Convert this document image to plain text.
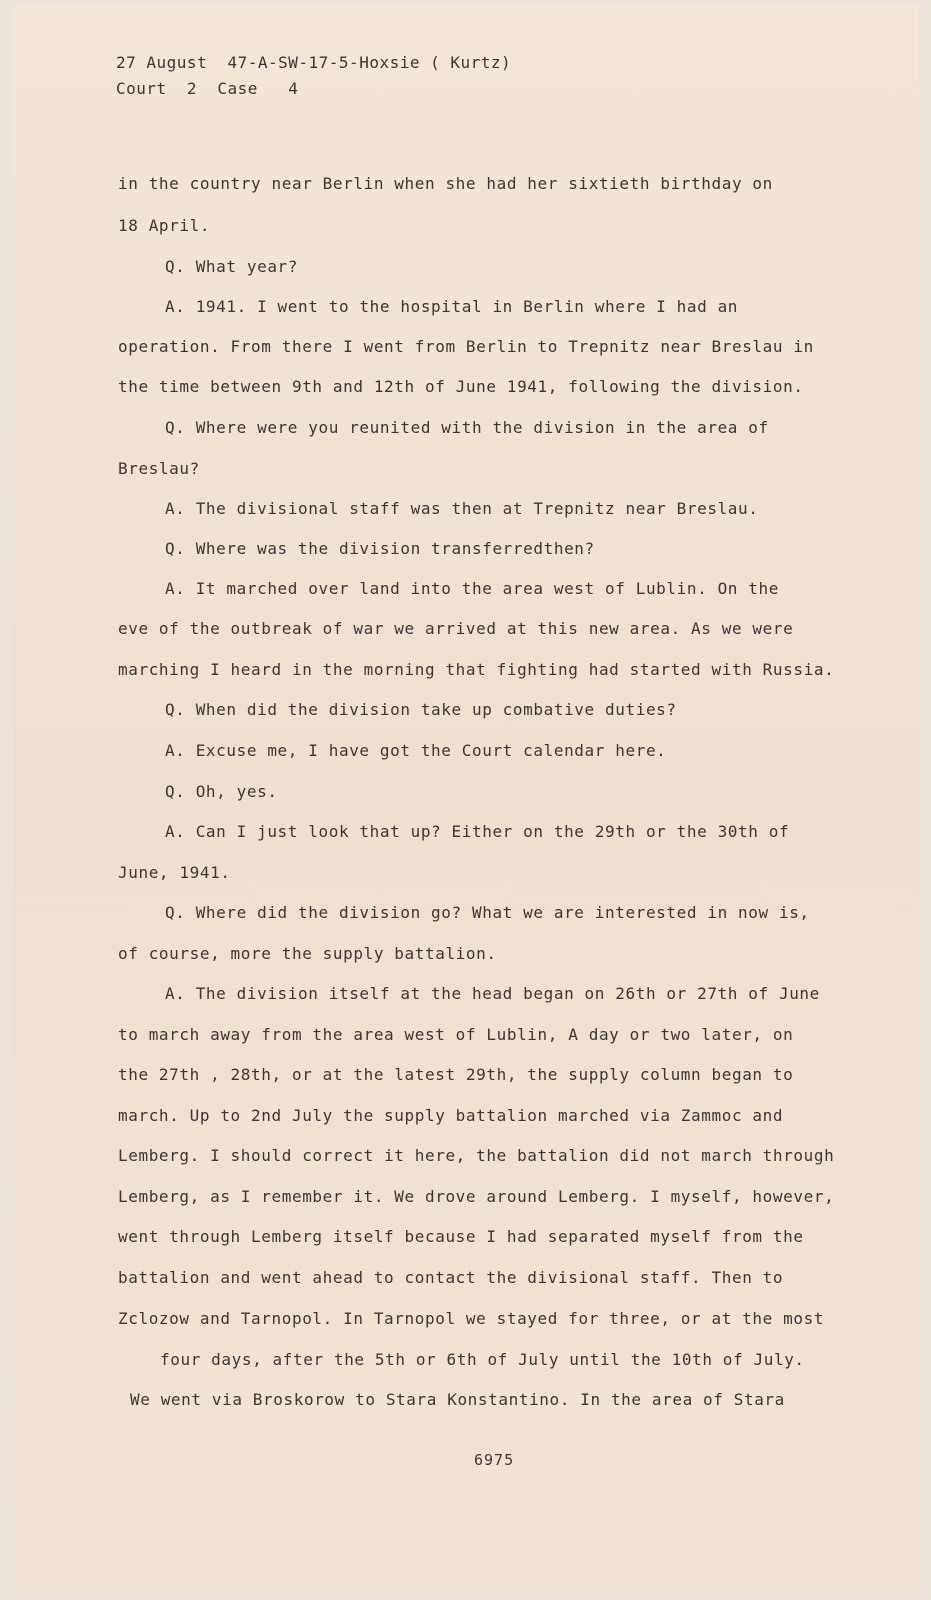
27 August  47-A-SW-17-5-Hoxsie ( Kurtz)
Court  2  Case   4
in the country near Berlin when she had her sixtieth birthday on
18 April.
Q. What year?
A. 1941. I went to the hospital in Berlin where I had an
operation. From there I went from Berlin to Trepnitz near Breslau in
the time between 9th and 12th of June 1941, following the division.
Q. Where were you reunited with the division in the area of
Breslau?
A. The divisional staff was then at Trepnitz near Breslau.
Q. Where was the division transferredthen?
A. It marched over land into the area west of Lublin. On the
eve of the outbreak of war we arrived at this new area. As we were
marching I heard in the morning that fighting had started with Russia.
Q. When did the division take up combative duties?
A. Excuse me, I have got the Court calendar here.
Q. Oh, yes.
A. Can I just look that up? Either on the 29th or the 30th of
June, 1941.
Q. Where did the division go? What we are interested in now is,
of course, more the supply battalion.
A. The division itself at the head began on 26th or 27th of June
to march away from the area west of Lublin, A day or two later, on
the 27th , 28th, or at the latest 29th, the supply column began to
march. Up to 2nd July the supply battalion marched via Zammoc and
Lemberg. I should correct it here, the battalion did not march through
Lemberg, as I remember it. We drove around Lemberg. I myself, however,
went through Lemberg itself because I had separated myself from the
battalion and went ahead to contact the divisional staff. Then to
Zclozow and Tarnopol. In Tarnopol we stayed for three, or at the most
four days, after the 5th or 6th of July until the 10th of July.
We went via Broskorow to Stara Konstantino. In the area of Stara
6975
